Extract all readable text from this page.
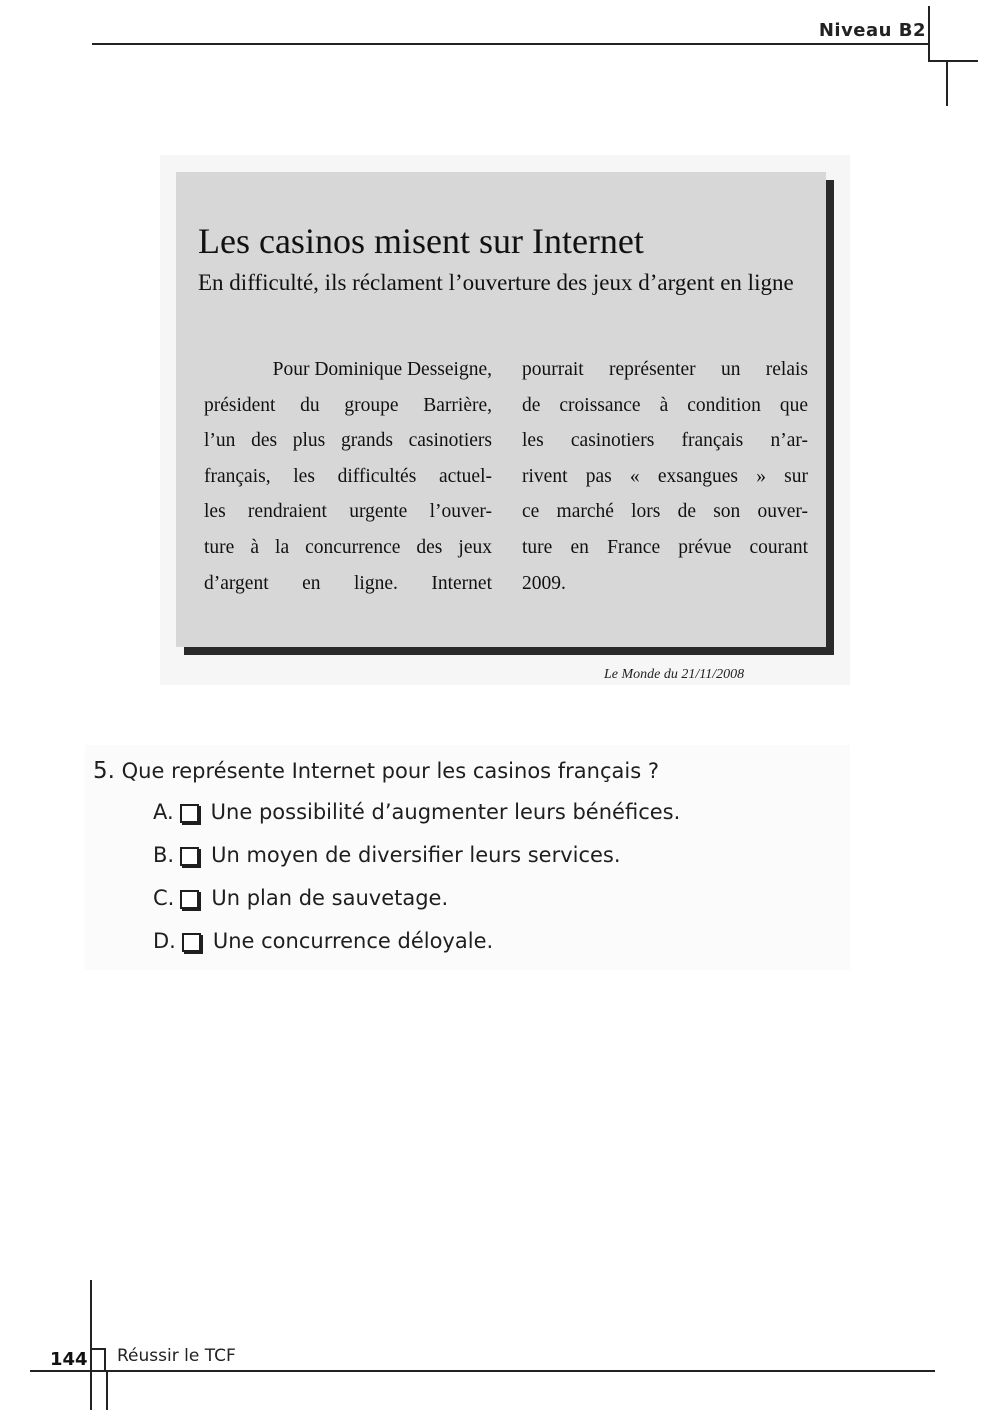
Niveau B2
Les casinos misent sur Internet
En difficulté, ils réclament l’ouverture des jeux d’argent en ligne
Pour Dominique Desseigne,
président du groupe Barrière,
l’un des plus grands casinotiers
français, les difficultés actuel-
les rendraient urgente l’ouver-
ture à la concurrence des jeux
d’argent en ligne. Internet
pourrait représenter un relais
de croissance à condition que
les casinotiers français n’ar-
rivent pas « exsangues » sur
ce marché lors de son ouver-
ture en France prévue courant
2009.
Le Monde du 21/11/2008
5. Que représente Internet pour les casinos français ?
A. Une possibilité d’augmenter leurs bénéfices.
B. Un moyen de diversifier leurs services.
C. Un plan de sauvetage.
D. Une concurrence déloyale.
144 Réussir le TCF
